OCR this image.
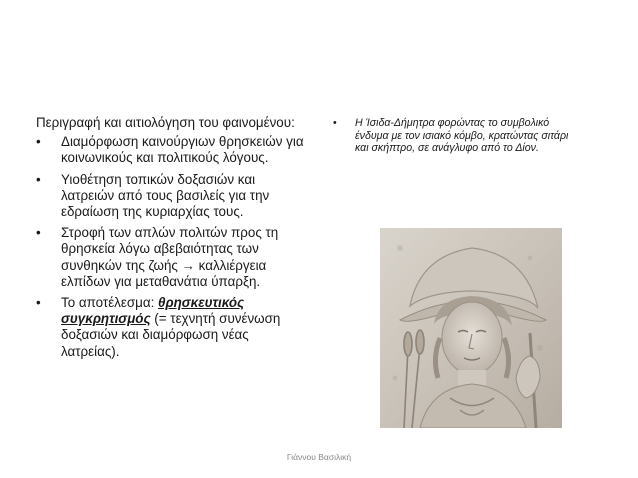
Περιγραφή και αιτιολόγηση του φαινομένου:

• Διαμόρφωση καινούργιων θρησκειών για κοινωνικούς και πολιτικούς λόγους.
• Υιοθέτηση τοπικών δοξασιών και λατρειών από τους βασιλείς για την εδραίωση της κυριαρχίας τους.
• Στροφή των απλών πολιτών προς τη θρησκεία λόγω αβεβαιότητας των συνθηκών της ζωής → καλλιέργεια ελπίδων για μεταθανάτια ύπαρξη.
• Το αποτέλεσμα: θρησκευτικός συγκρητισμός (= τεχνητή συνένωση δοξασιών και διαμόρφωση νέας λατρείας).
• Η Ίσιδα-Δήμητρα φορώντας το συμβολικό ένδυμα με τον ισιακό κόμβο, κρατώντας σιτάρι και σκήπτρο, σε ανάγλυφο από το Δίον.
Γιάννου Βασιλική
